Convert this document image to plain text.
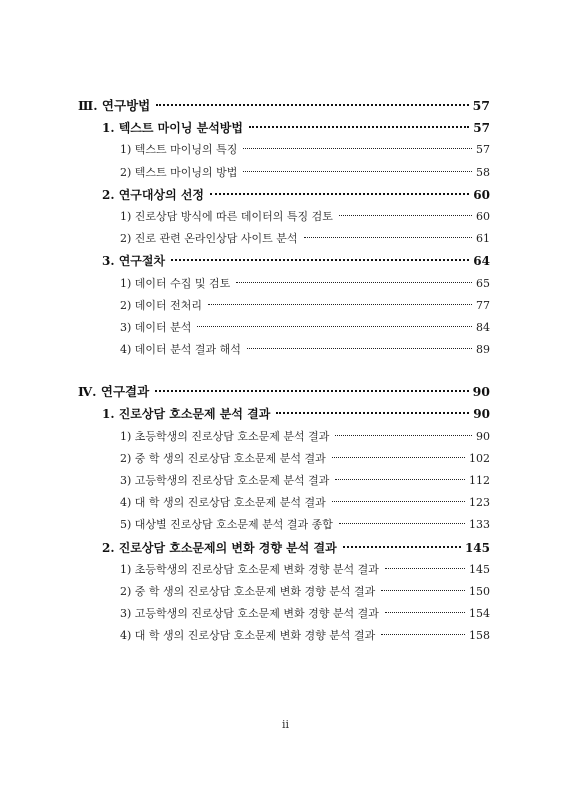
Ⅲ. 연구방법	57
1. 텍스트 마이닝 분석방법	57
1) 텍스트 마이닝의 특징	57
2) 텍스트 마이닝의 방법	58
2. 연구대상의 선정	60
1) 진로상담 방식에 따른 데이터의 특징 검토	60
2) 진로 관련 온라인상담 사이트 분석	61
3. 연구절차	64
1) 데이터 수집 및 검토	65
2) 데이터 전처리	77
3) 데이터 분석	84
4) 데이터 분석 결과 해석	89
Ⅳ. 연구결과	90
1. 진로상담 호소문제 분석 결과	90
1) 초등학생의 진로상담 호소문제 분석 결과	90
2) 중 학 생의 진로상담 호소문제 분석 결과	102
3) 고등학생의 진로상담 호소문제 분석 결과	112
4) 대 학 생의 진로상담 호소문제 분석 결과	123
5) 대상별 진로상담 호소문제 분석 결과 종합	133
2. 진로상담 호소문제의 변화 경향 분석 결과	145
1) 초등학생의 진로상담 호소문제 변화 경향 분석 결과	145
2) 중 학 생의 진로상담 호소문제 변화 경향 분석 결과	150
3) 고등학생의 진로상담 호소문제 변화 경향 분석 결과	154
4) 대 학 생의 진로상담 호소문제 변화 경향 분석 결과	158
ii
